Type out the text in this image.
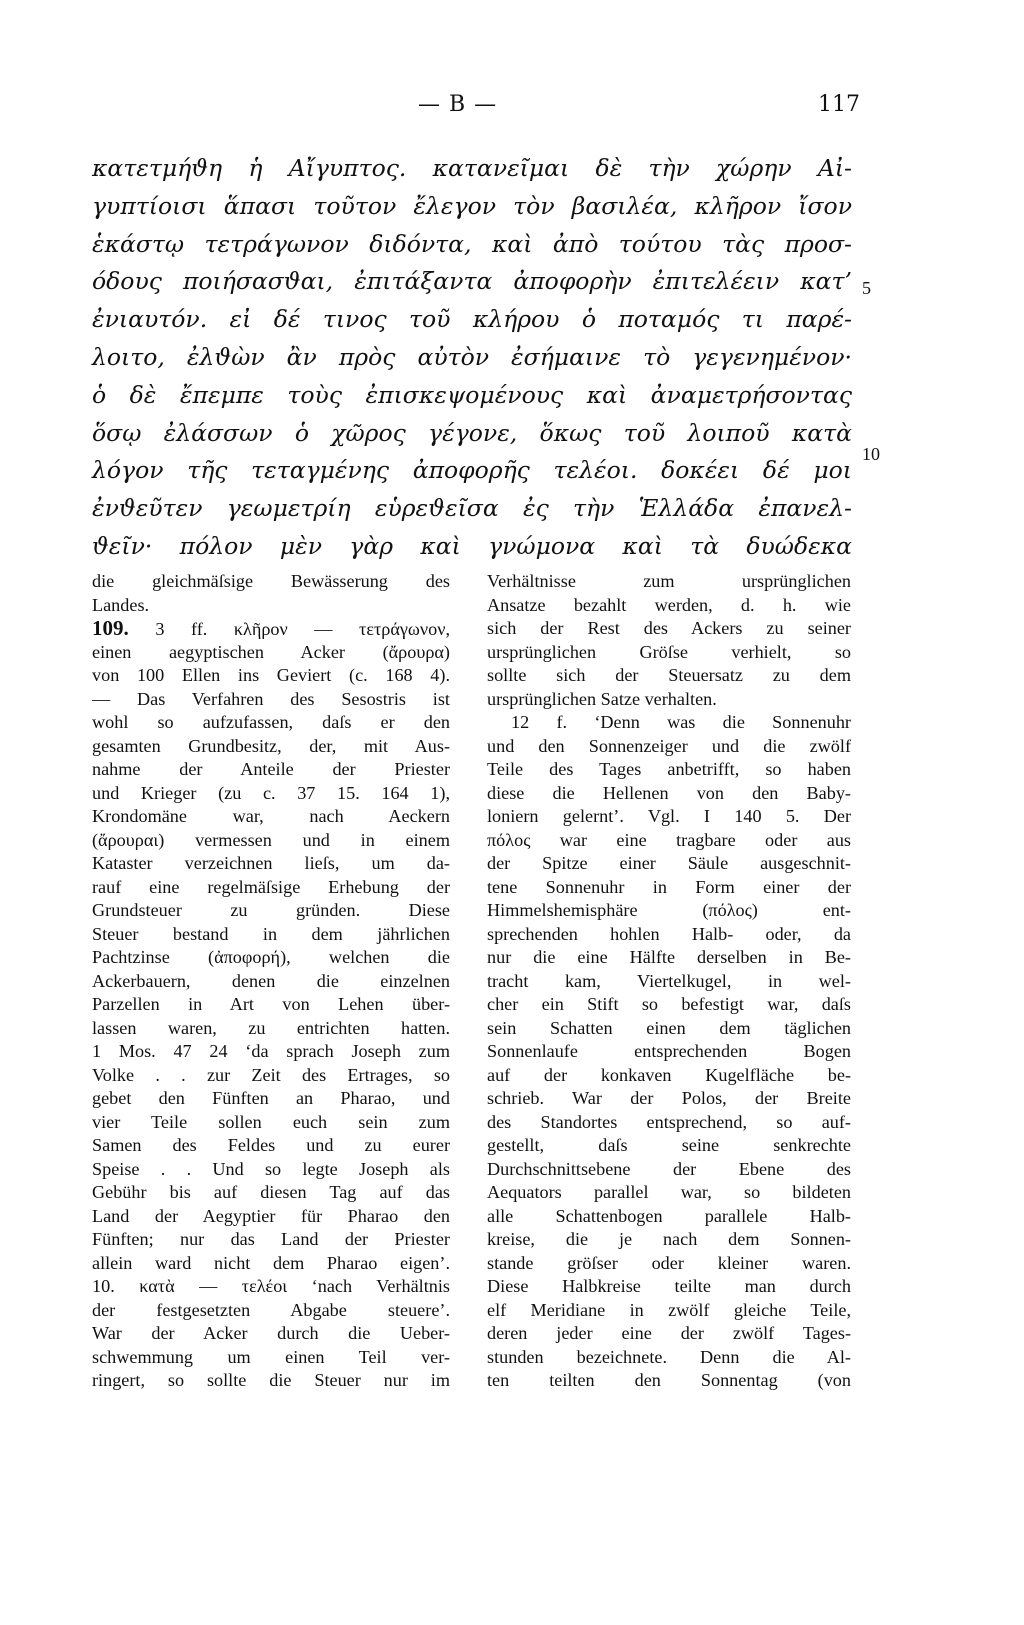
— B —	117
κατετμήϑη ἡ Αἴγυπτος. κατανεῖμαι δὲ τὴν χώρην Αἰ-
γυπτίοισι ἅπασι τοῦτον ἔλεγον τὸν βασιλέα, κλῆρον ἴσον
ἑκάστῳ τετράγωνον διδόντα, καὶ ἀπὸ τούτου τὰς προσ-
όδους ποιήσασϑαι, ἐπιτάξαντα ἀποφορὴν ἐπιτελέειν κατ’
ἐνιαυτόν. εἰ δέ τινος τοῦ κλήρου ὁ ποταμός τι παρέ-
λοιτο, ἐλϑὼν ἂν πρὸς αὐτὸν ἐσήμαινε τὸ γεγενημένον·
ὁ δὲ ἔπεμπε τοὺς ἐπισκεψομένους καὶ ἀναμετρήσοντας
ὅσῳ ἐλάσσων ὁ χῶρος γέγονε, ὅκως τοῦ λοιποῦ κατὰ
λόγον τῆς τεταγμένης ἀποφορῆς τελέοι. δοκέει δέ μοι
ἐνϑεῦτεν γεωμετρίη εὑρεϑεῖσα ἐς τὴν Ἑλλάδα ἐπανελ-
ϑεῖν· πόλον μὲν γὰρ καὶ γνώμονα καὶ τὰ δυώδεκα
5
10
die gleichmäſsige Bewässerung des
Landes.
109. 3 ff. κλῆρον — τετράγωνον,
einen aegyptischen Acker (ἄρουρα)
von 100 Ellen ins Geviert (c. 168 4).
— Das Verfahren des Sesostris ist
wohl so aufzufassen, daſs er den
gesamten Grundbesitz, der, mit Aus-
nahme der Anteile der Priester
und Krieger (zu c. 37 15. 164 1),
Krondomäne war, nach Aeckern
(ἄρουραι) vermessen und in einem
Kataster verzeichnen lieſs, um da-
rauf eine regelmäſsige Erhebung der
Grundsteuer zu gründen. Diese
Steuer bestand in dem jährlichen
Pachtzinse (ἀποφορή), welchen die
Ackerbauern, denen die einzelnen
Parzellen in Art von Lehen über-
lassen waren, zu entrichten hatten.
1 Mos. 47 24 ‘da sprach Joseph zum
Volke . . zur Zeit des Ertrages, so
gebet den Fünften an Pharao, und
vier Teile sollen euch sein zum
Samen des Feldes und zu eurer
Speise . . Und so legte Joseph als
Gebühr bis auf diesen Tag auf das
Land der Aegyptier für Pharao den
Fünften; nur das Land der Priester
allein ward nicht dem Pharao eigen’.
10. κατὰ — τελέοι ‘nach Verhältnis
der festgesetzten Abgabe steuere’.
War der Acker durch die Ueber-
schwemmung um einen Teil ver-
ringert, so sollte die Steuer nur im
Verhältnisse zum ursprünglichen
Ansatze bezahlt werden, d. h. wie
sich der Rest des Ackers zu seiner
ursprünglichen Gröſse verhielt, so
sollte sich der Steuersatz zu dem
ursprünglichen Satze verhalten.
12 f. ‘Denn was die Sonnenuhr
und den Sonnenzeiger und die zwölf
Teile des Tages anbetrifft, so haben
diese die Hellenen von den Baby-
loniern gelernt’. Vgl. I 140 5. Der
πόλος war eine tragbare oder aus
der Spitze einer Säule ausgeschnit-
tene Sonnenuhr in Form einer der
Himmelshemisphäre (πόλος) ent-
sprechenden hohlen Halb- oder, da
nur die eine Hälfte derselben in Be-
tracht kam, Viertelkugel, in wel-
cher ein Stift so befestigt war, daſs
sein Schatten einen dem täglichen
Sonnenlaufe entsprechenden Bogen
auf der konkaven Kugelfläche be-
schrieb. War der Polos, der Breite
des Standortes entsprechend, so auf-
gestellt, daſs seine senkrechte
Durchschnittsebene der Ebene des
Aequators parallel war, so bildeten
alle Schattenbogen parallele Halb-
kreise, die je nach dem Sonnen-
stande gröſser oder kleiner waren.
Diese Halbkreise teilte man durch
elf Meridiane in zwölf gleiche Teile,
deren jeder eine der zwölf Tages-
stunden bezeichnete. Denn die Al-
ten teilten den Sonnentag (von
